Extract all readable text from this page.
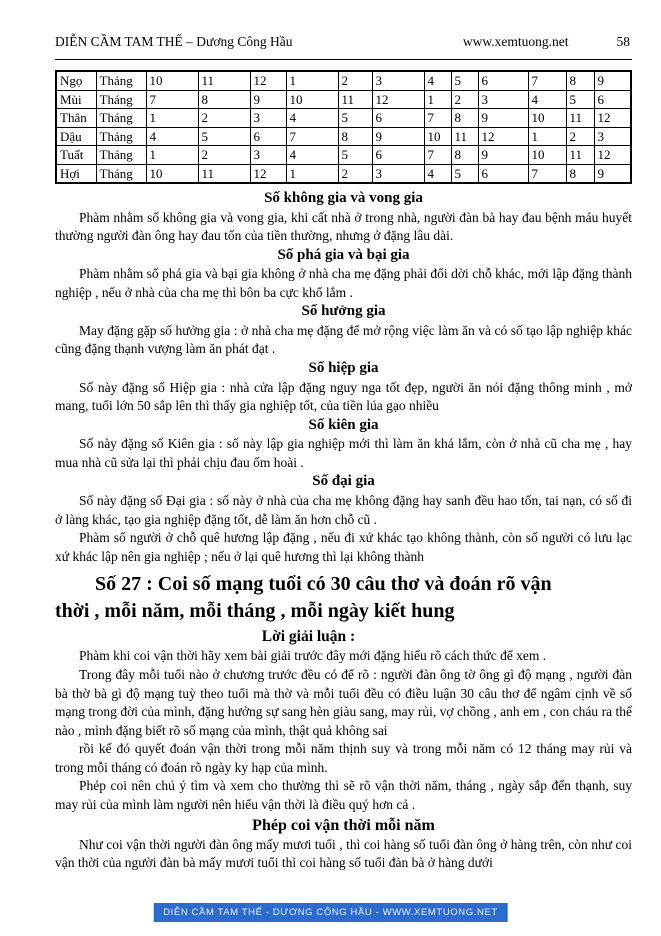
DIỄN CẦM TAM THẾ – Dương Công Hầu	www.xemtuong.net	58
Ngọ	Tháng	10	11	12	1	2	3	4	5	6	7	8	9
Mùi	Tháng	7	8	9	10	11	12	1	2	3	4	5	6
Thân	Tháng	1	2	3	4	5	6	7	8	9	10	11	12
Dậu	Tháng	4	5	6	7	8	9	10	11	12	1	2	3
Tuất	Tháng	1	2	3	4	5	6	7	8	9	10	11	12
Hợi	Tháng	10	11	12	1	2	3	4	5	6	7	8	9
Số không gia và vong gia

Phàm nhằm số không gia và vong gia, khi cất nhà ở trong nhà, người đàn bà hay đau bệnh máu huyết thường người đàn ông hay đau tốn của tiền thường, nhưng ở đặng lâu dài.

Số phá gia và bại gia

Phàm nhằm số phá gia và bại gia không ở nhà cha mẹ đặng phải đổi dời chỗ khác, mới lập đặng thành nghiệp , nếu ở nhà của cha mẹ thì bôn ba cực khổ lắm .

Số hưởng gia

May đặng gặp số hưởng gia : ở nhà cha mẹ đặng để mở rộng việc làm ăn và có số tạo lập nghiệp khác cũng đặng thạnh vượng làm ăn phát đạt .

Số hiệp gia

Số này đặng số Hiệp gia : nhà cửa lập đặng nguy nga tốt đẹp, người ăn nói đặng thông minh , mở mang, tuổi lớn 50 sắp lên thì thấy gia nghiệp tốt, của tiền lúa gạo nhiều

Số kiên gia

Số này đặng số Kiên gia : số này lập gia nghiệp mới thì làm ăn khá lắm, còn ở nhà cũ cha mẹ , hay mua nhà cũ sửa lại thì phải chịu đau ốm hoài .

Số đại gia

Số này đặng số Đại gia : số này ở nhà của cha mẹ không đặng hay sanh đều hao tốn, tai nạn, có số đi ở làng khác, tạo gia nghiệp đặng tốt, dễ làm ăn hơn chỗ cũ .

Phàm số người ở chỗ quê hương lập đặng , nếu đi xứ khác tạo không thành, còn số người có lưu lạc xứ khác lập nên gia nghiệp ; nếu ở lại quê hương thì lại không thành

Số 27 : Coi số mạng tuổi có 30 câu thơ và đoán rõ vận thời , mỗi năm, mỗi tháng , mỗi ngày kiết hung
Lời giải luận :

Phàm khi coi vận thời hãy xem bài giải trước đây mới đặng hiểu rõ cách thức để xem .

Trong đây mỗi tuổi nào ở chương trước đều có để rõ : người đàn ông tờ ông gì độ mạng , người đàn bà thờ bà gì độ mạng tuỳ theo tuổi mà thờ và mỗi tuổi đều có điều luận 30 câu thơ để ngâm cịnh về số mạng trong đời của mình, đặng hưởng sự sang hèn giàu sang, may rủi, vợ chồng , anh em , con cháu ra thế nào , mình đặng biết rõ số mạng của mình, thật quả không sai

rồi kế đó quyết đoán vận thời trong mỗi năm thịnh suy và trong mỗi năm có 12 tháng may rủi và trong mỗi tháng có đoán rõ ngày ky hạp của mình.

Phép coi nên chú ý tìm và xem cho thường thì sẽ rõ vận thời năm, tháng , ngày sắp đến thạnh, suy may rủi của mình làm người nên hiểu vận thời là điều quý hơn cả .

Phép coi vận thời mỗi năm

Như coi vận thời người đàn ông mấy mươi tuổi , thì coi hàng số tuổi đàn ông ở hàng trên, còn như coi vận thời của người đàn bà mấy mươi tuổi thì coi hàng số tuổi đàn bà ở hàng dưới

DIỄN CẦM TAM THẾ - DƯƠNG CÔNG HẦU - WWW.XEMTUONG.NET
